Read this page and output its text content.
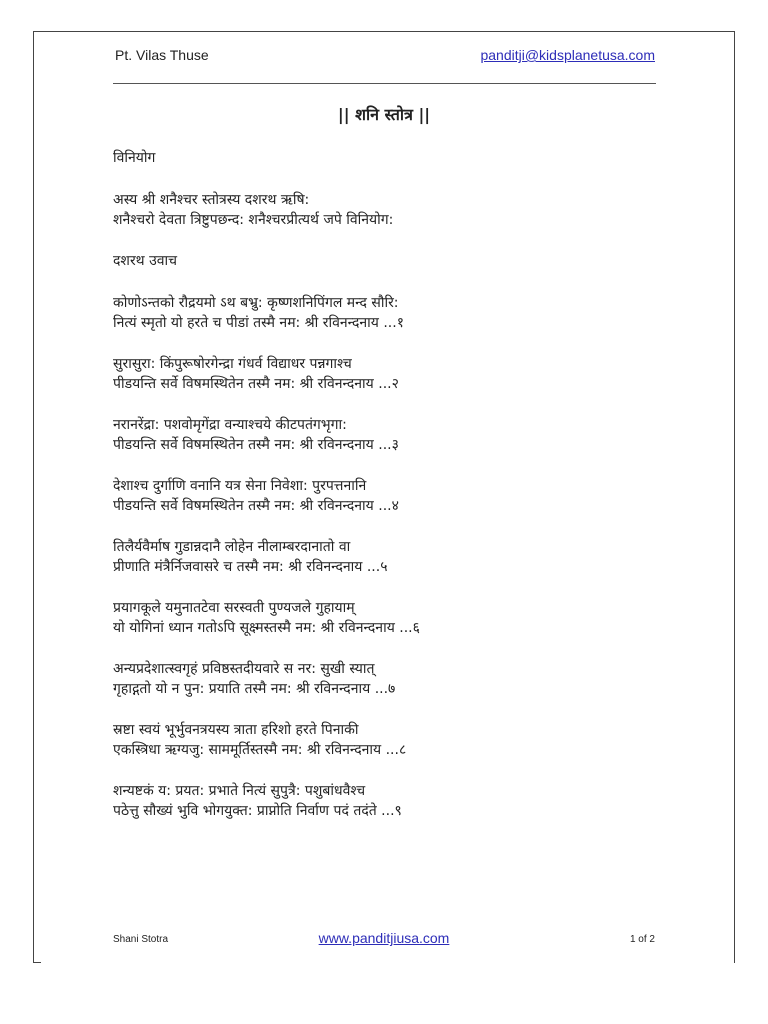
Pt. Vilas Thuse	panditji@kidsplanetusa.com
|| शनि स्तोत्र ||
विनियोग
अस्य श्री शनैश्चर स्तोत्रस्य दशरथ ऋषि:
शनैश्चरो देवता त्रिष्टुपछन्द: शनैश्चरप्रीत्यर्थ जपे विनियोग:
दशरथ उवाच
कोणोऽन्तको रौद्रयमो ऽथ बभ्रु: कृष्णशनिपिंगल मन्द सौरि:
नित्यं स्मृतो यो हरते च पीडां तस्मै नम: श्री रविनन्दनाय ...१
सुरासुरा: किंपुरूषोरगेन्द्रा गंधर्व विद्याधर पन्नगाश्च
पीडयन्ति सर्वे विषमस्थितेन तस्मै नम: श्री रविनन्दनाय ...२
नरानरेंद्रा: पशवोमृगेंद्रा वन्याश्चये कीटपतंगभृगा:
पीडयन्ति सर्वे विषमस्थितेन तस्मै नम: श्री रविनन्दनाय ...३
देशाश्च दुर्गाणि वनानि यत्र सेना निवेशा: पुरपत्तनानि
पीडयन्ति सर्वे विषमस्थितेन तस्मै नम: श्री रविनन्दनाय ...४
तिलैर्यवैर्माष गुडान्नदानै लोहेन नीलाम्बरदानातो वा
प्रीणाति मंत्रैर्निजवासरे च तस्मै नम: श्री रविनन्दनाय ...५
प्रयागकूले यमुनातटेवा सरस्वती पुण्यजले गुहायाम्
यो योगिनां ध्यान गतोऽपि सूक्ष्मस्तस्मै नम: श्री रविनन्दनाय ...६
अन्यप्रदेशात्स्वगृहं प्रविष्ठस्तदीयवारे स नर: सुखी स्यात्
गृहाद्गतो यो न पुन: प्रयाति तस्मै नम: श्री रविनन्दनाय ...७
स्रष्टा स्वयं भूर्भुवनत्रयस्य त्राता हरिशो हरते पिनाकी
एकस्त्रिधा ऋग्यजु: साममूर्तिस्तस्मै नम: श्री रविनन्दनाय ...८
शन्यष्टकं य: प्रयत: प्रभाते नित्यं सुपुत्रै: पशुबांधवैश्च
पठेत्तु सौख्यं भुवि भोगयुक्त: प्राप्नोति निर्वाण पदं तदंते ...९
Shani Stotra	www.panditjiusa.com	1 of 2
